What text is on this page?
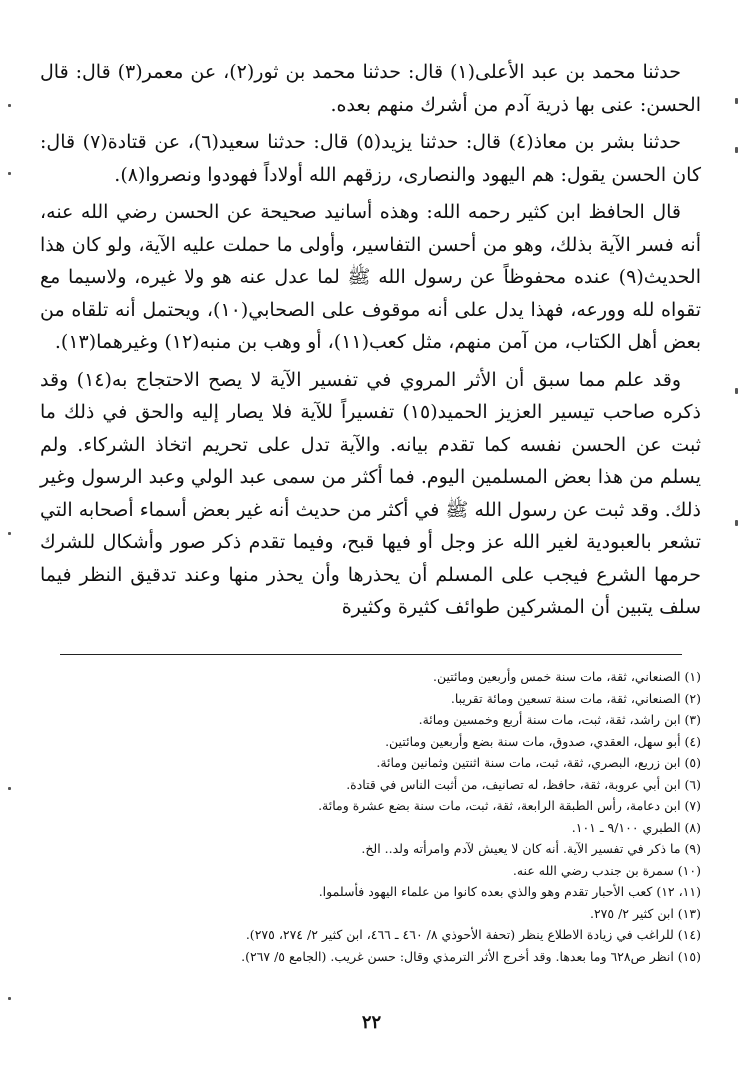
حدثنا محمد بن عبد الأعلى(١) قال: حدثنا محمد بن ثور(٢)، عن معمر(٣) قال: قال الحسن: عنى بها ذرية آدم من أشرك منهم بعده.

حدثنا بشر بن معاذ(٤) قال: حدثنا يزيد(٥) قال: حدثنا سعيد(٦)، عن قتادة(٧) قال: كان الحسن يقول: هم اليهود والنصارى، رزقهم الله أولاداً فهودوا ونصروا(٨).

قال الحافظ ابن كثير رحمه الله: وهذه أسانيد صحيحة عن الحسن رضي الله عنه، أنه فسر الآية بذلك، وهو من أحسن التفاسير، وأولى ما حملت عليه الآية، ولو كان هذا الحديث(٩) عنده محفوظاً عن رسول الله ﷺ لما عدل عنه هو ولا غيره، ولاسيما مع تقواه لله وورعه، فهذا يدل على أنه موقوف على الصحابي(١٠)، ويحتمل أنه تلقاه من بعض أهل الكتاب، من آمن منهم، مثل كعب(١١)، أو وهب بن منبه(١٢) وغيرهما(١٣).

وقد علم مما سبق أن الأثر المروي في تفسير الآية لا يصح الاحتجاج به(١٤) وقد ذكره صاحب تيسير العزيز الحميد(١٥) تفسيراً للآية فلا يصار إليه والحق في ذلك ما ثبت عن الحسن نفسه كما تقدم بيانه. والآية تدل على تحريم اتخاذ الشركاء. ولم يسلم من هذا بعض المسلمين اليوم. فما أكثر من سمى عبد الولي وعبد الرسول وغير ذلك. وقد ثبت عن رسول الله ﷺ في أكثر من حديث أنه غير بعض أسماء أصحابه التي تشعر بالعبودية لغير الله عز وجل أو فيها قبح، وفيما تقدم ذكر صور وأشكال للشرك حرمها الشرع فيجب على المسلم أن يحذرها وأن يحذر منها وعند تدقيق النظر فيما سلف يتبين أن المشركين طوائف كثيرة وكثيرة

(١) الصنعاني، ثقة، مات سنة خمس وأربعين ومائتين.
(٢) الصنعاني، ثقة، مات سنة تسعين ومائة تقريبا.
(٣) ابن راشد، ثقة، ثبت، مات سنة أربع وخمسين ومائة.
(٤) أبو سهل، العقدي، صدوق، مات سنة بضع وأربعين ومائتين.
(٥) ابن زريع، البصري، ثقة، ثبت، مات سنة اثنتين وثمانين ومائة.
(٦) ابن أبي عروبة، ثقة، حافظ، له تصانيف، من أثبت الناس في قتادة.
(٧) ابن دعامة، رأس الطبقة الرابعة، ثقة، ثبت، مات سنة بضع عشرة ومائة.
(٨) الطبري ٩/١٠٠ ـ ١٠١.
(٩) ما ذكر في تفسير الآية. أنه كان لا يعيش لآدم وامرأته ولد.. الخ.
(١٠) سمرة بن جندب رضي الله عنه.
(١١، ١٢) كعب الأحبار تقدم وهو والذي بعده كانوا من علماء اليهود فأسلموا.
(١٣) ابن كثير ٢/ ٢٧٥.
(١٤) للراغب في زيادة الاطلاع ينظر (تحفة الأحوذي ٨/ ٤٦٠ ـ ٤٦٦، ابن كثير ٢/ ٢٧٤، ٢٧٥).
(١٥) انظر ص٦٢٨ وما بعدها. وقد أخرج الأثر الترمذي وقال: حسن غريب. (الجامع ٥/ ٢٦٧).
٢٢
